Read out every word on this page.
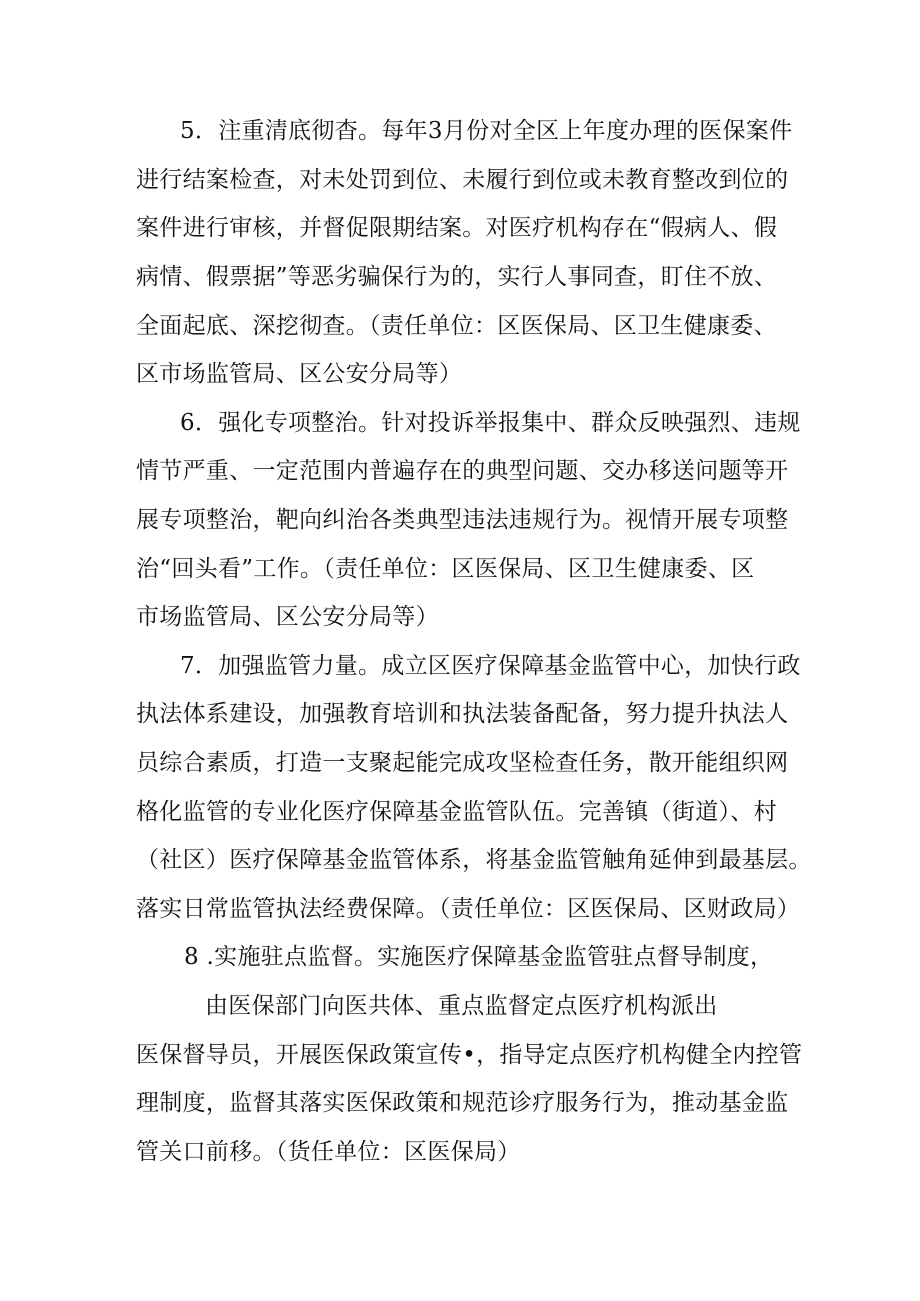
5．注重清底彻杳。每年3月份对全区上年度办理的医保案件
进行结案检查，对未处罚到位、未履行到位或未教育整改到位的
案件进行审核，并督促限期结案。对医疗机构存在“假病人、假
病情、假票据”等恶劣骗保行为的，实行人事同查，盯住不放、
全面起底、深挖彻查。（责任单位：区医保局、区卫生健康委、
区市场监管局、区公安分局等）
6．强化专项整治。针对投诉举报集中、群众反映强烈、违规
情节严重、一定范围内普遍存在的典型问题、交办移送问题等开
展专项整治，靶向纠治各类典型违法违规行为。视情开展专项整
治“回头看”工作。（责任单位：区医保局、区卫生健康委、区
市场监管局、区公安分局等）
7．加强监管力量。成立区医疗保障基金监管中心，加快行政
执法体系建设，加强教育培训和执法装备配备，努力提升执法人
员综合素质，打造一支聚起能完成攻坚检查任务，散开能组织网
格化监管的专业化医疗保障基金监管队伍。完善镇（街道）、村
（社区）医疗保障基金监管体系，将基金监管触角延伸到最基层。
落实日常监管执法经费保障。（责任单位：区医保局、区财政局）
8 .实施驻点监督。实施医疗保障基金监管驻点督导制度，
由医保部门向医共体、重点监督定点医疗机构派出
医保督导员，开展医保政策宣传•，指导定点医疗机构健全内控管
理制度，监督其落实医保政策和规范诊疗服务行为，推动基金监
管关口前移。（货任单位：区医保局）
